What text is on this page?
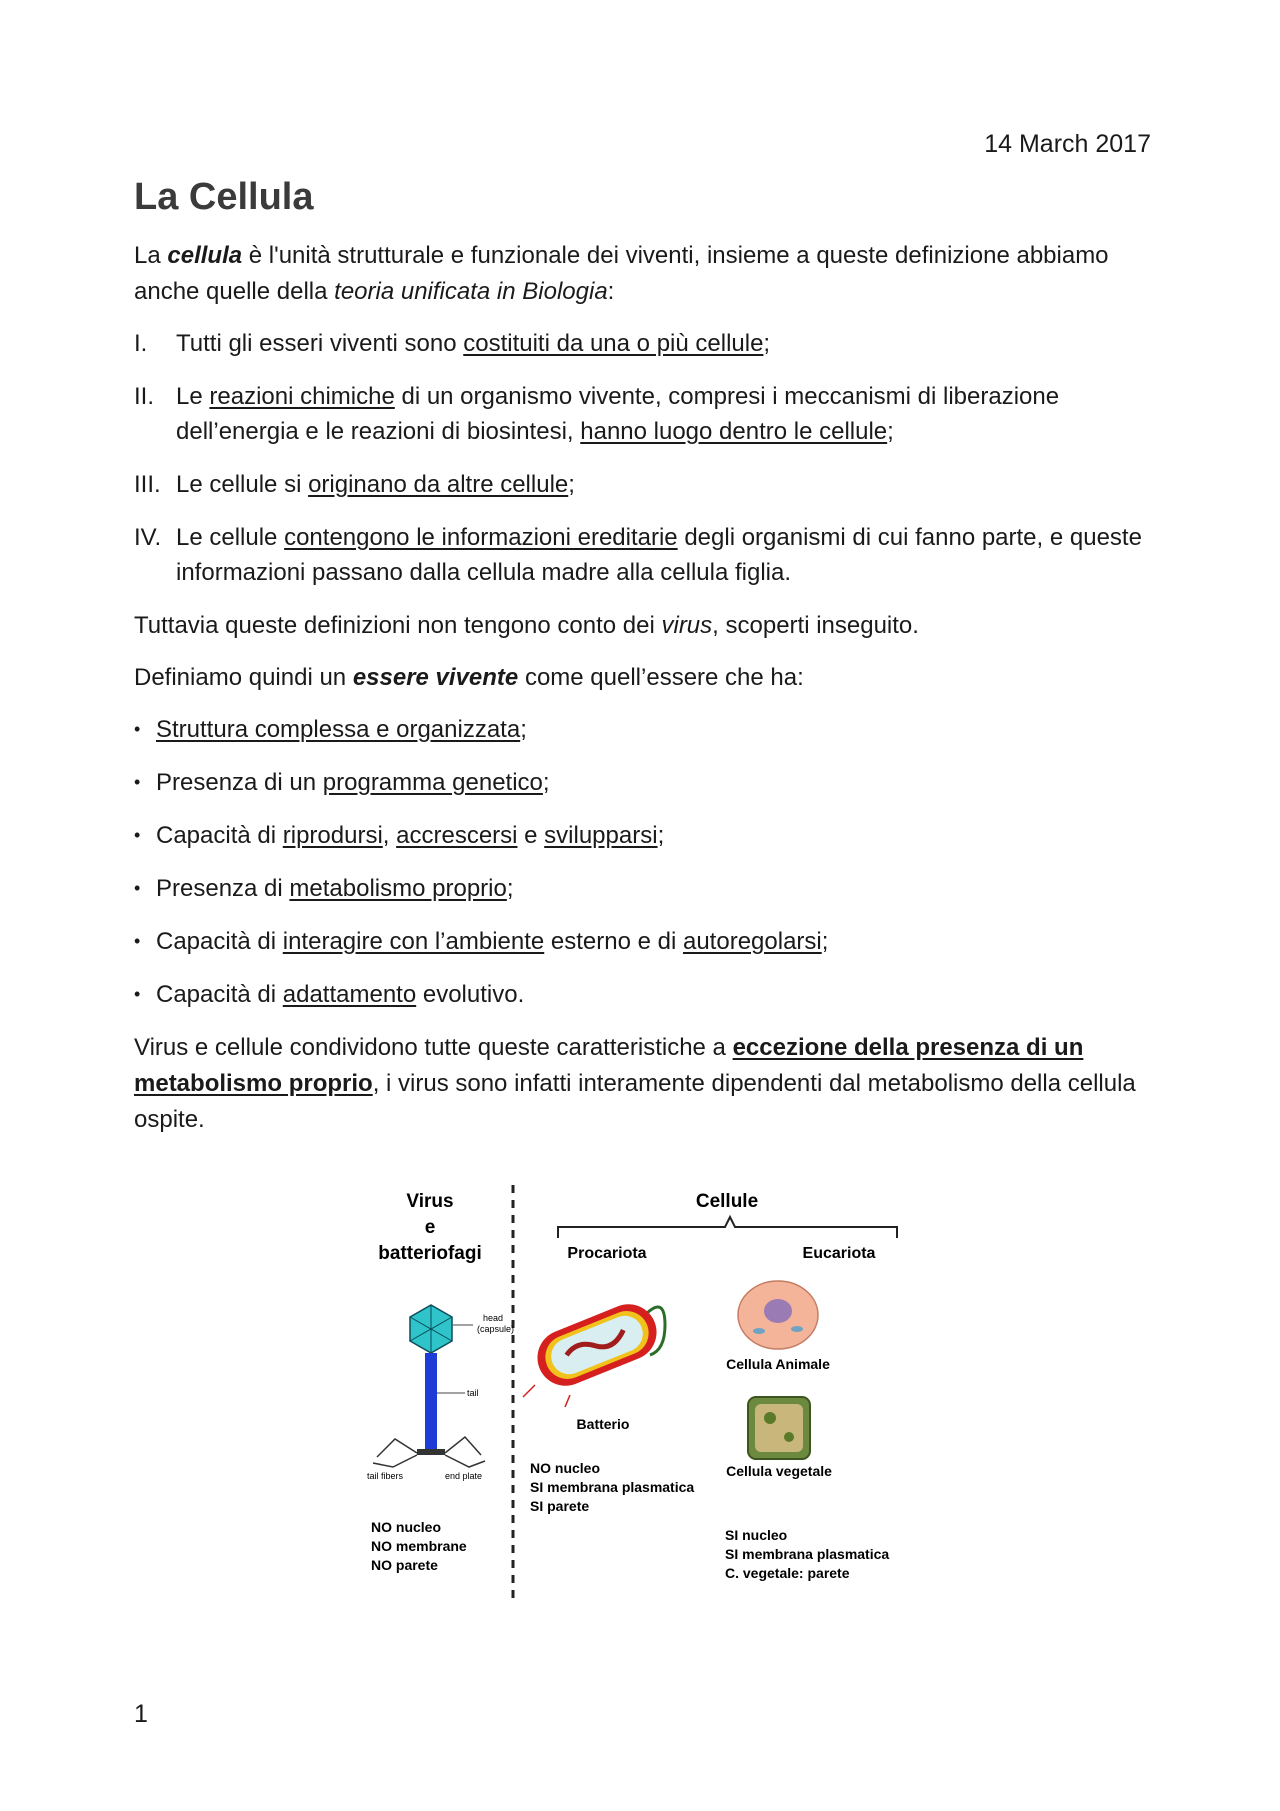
14 March 2017
La Cellula

La cellula è l'unità strutturale e funzionale dei viventi, insieme a queste definizione abbiamo anche quelle della teoria unificata in Biologia:

I. Tutti gli esseri viventi sono costituiti da una o più cellule;
II. Le reazioni chimiche di un organismo vivente, compresi i meccanismi di liberazione dell’energia e le reazioni di biosintesi, hanno luogo dentro le cellule;
III. Le cellule si originano da altre cellule;
IV. Le cellule contengono le informazioni ereditarie degli organismi di cui fanno parte, e queste informazioni passano dalla cellula madre alla cellula figlia.

Tuttavia queste definizioni non tengono conto dei virus, scoperti inseguito.

Definiamo quindi un essere vivente come quell’essere che ha:

• Struttura complessa e organizzata;
• Presenza di un programma genetico;
• Capacità di riprodursi, accrescersi e svilupparsi;
• Presenza di metabolismo proprio;
• Capacità di interagire con l’ambiente esterno e di autoregolarsi;
• Capacità di adattamento evolutivo.

Virus e cellule condividono tutte queste caratteristiche a eccezione della presenza di un metabolismo proprio, i virus sono infatti interamente dipendenti dal metabolismo della cellula ospite.

Virus
e
batteriofagi
Cellule
Procariota	Eucariota
head
(capsule)
tail
tail fibers	end plate
Batterio
Cellula Animale
Cellula vegetale
NO nucleo
NO membrane
NO parete
NO nucleo
SI membrana plasmatica
SI parete
SI nucleo
SI membrana plasmatica
C. vegetale: parete
1
